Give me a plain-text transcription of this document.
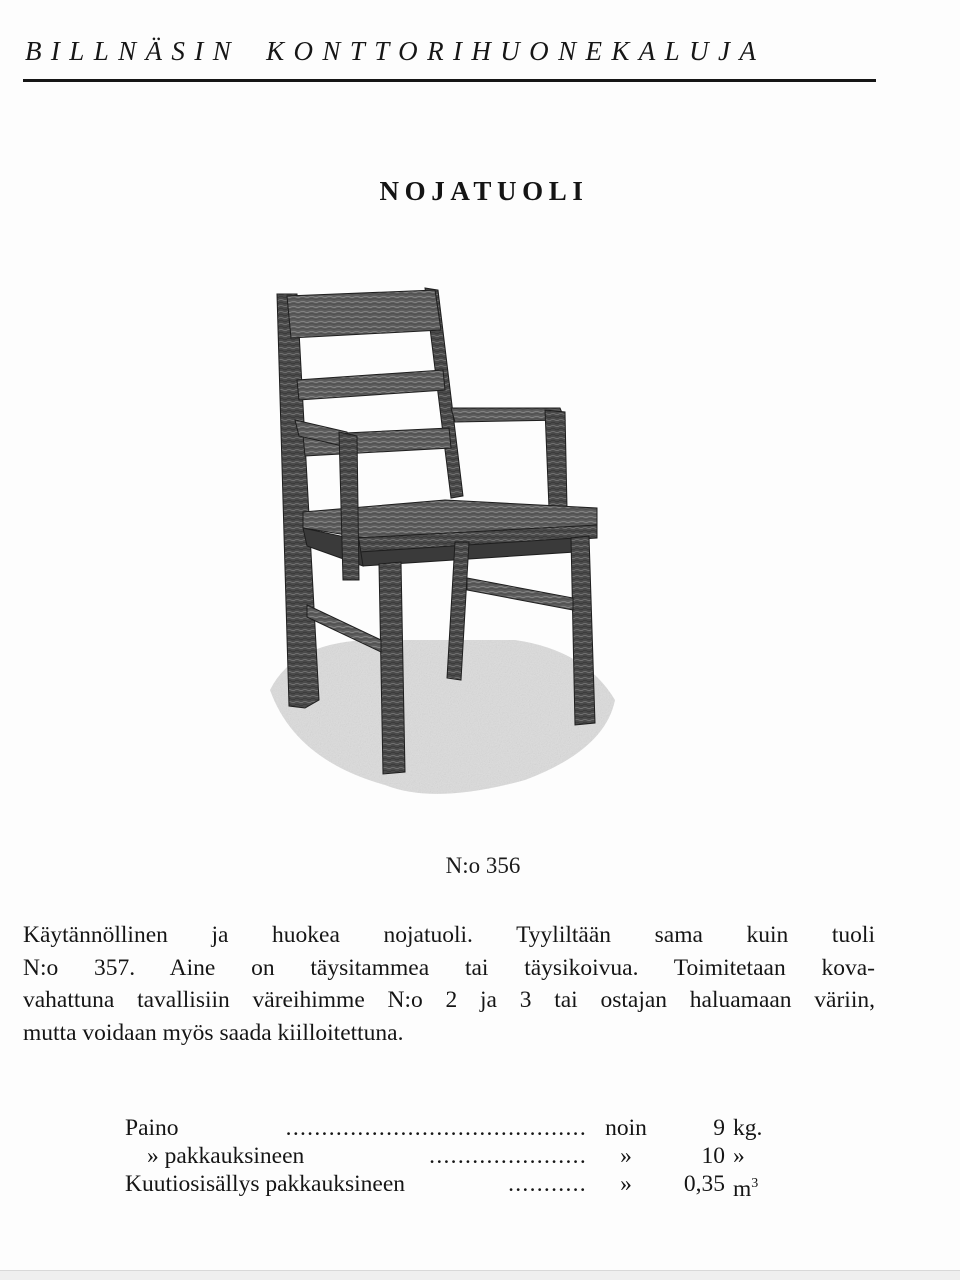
BILLNÄSIN KONTTORIHUONEKALUJA
NOJATUOLI
N:o 356
Käytännöllinen ja huokea nojatuoli. Tyyliltään sama kuin tuoli
N:o 357. Aine on täysitammea tai täysikoivua. Toimitetaan kova-
vahattuna tavallisiin väreihimme N:o 2 ja 3 tai ostajan haluamaan väriin,
mutta voidaan myös saada kiilloitettuna.
Paino	.......................................... noin	9 kg.
» pakkauksineen	......................	»	10 »
Kuutiosisällys pakkauksineen	...........	»	0,35 $m^3$
